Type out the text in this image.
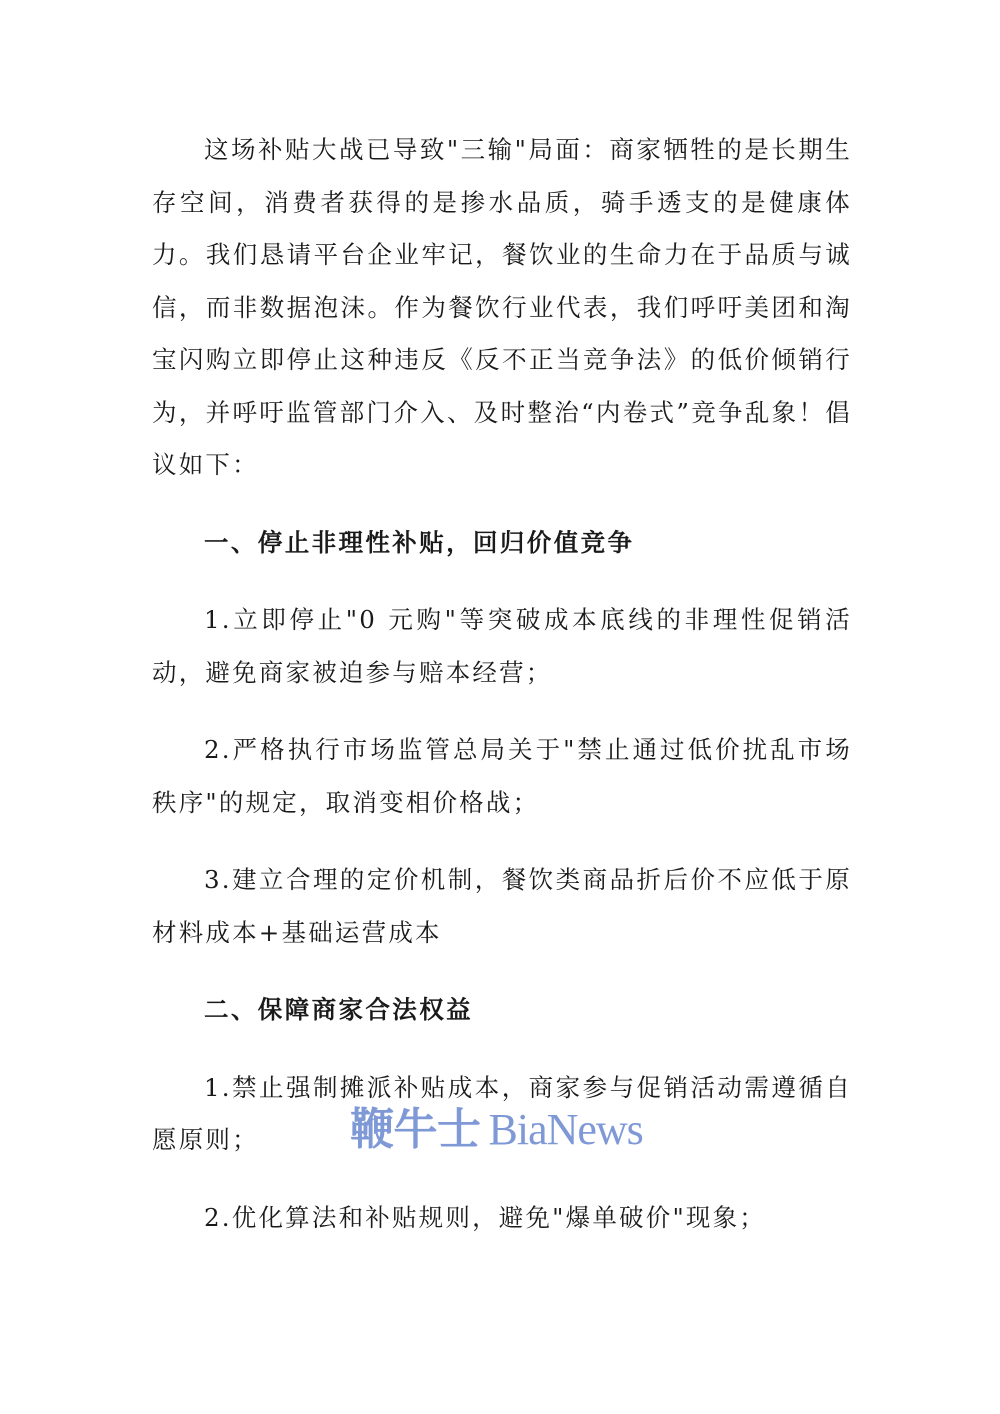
这场补贴大战已导致"三输"局面：商家牺牲的是长期生存空间，消费者获得的是掺水品质，骑手透支的是健康体力。我们恳请平台企业牢记，餐饮业的生命力在于品质与诚信，而非数据泡沫。作为餐饮行业代表，我们呼吁美团和淘宝闪购立即停止这种违反《反不正当竞争法》的低价倾销行为，并呼吁监管部门介入、及时整治“内卷式”竞争乱象！倡议如下：

一、停止非理性补贴，回归价值竞争

1.立即停止"0 元购"等突破成本底线的非理性促销活动，避免商家被迫参与赔本经营；

2.严格执行市场监管总局关于"禁止通过低价扰乱市场秩序"的规定，取消变相价格战；

3.建立合理的定价机制，餐饮类商品折后价不应低于原材料成本+基础运营成本

二、保障商家合法权益

1.禁止强制摊派补贴成本，商家参与促销活动需遵循自愿原则；

2.优化算法和补贴规则，避免"爆单破价"现象；

鞭牛士 BiaNews
